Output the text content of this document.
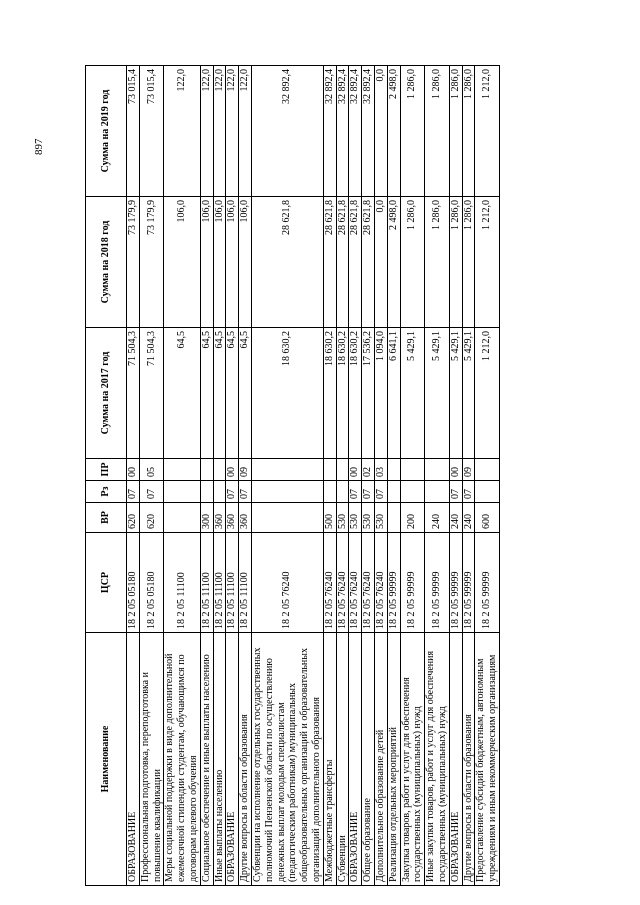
897
Наименование	ЦСР	ВР	Рз	ПР	Сумма на 2017 год	Сумма на 2018 год	Сумма на 2019 год
ОБРАЗОВАНИЕ	18 2 05 05180	620	07	00	71 504,3	73 179,9	73 015,4
Профессиональная подготовка, переподготовка и повышение квалификации	18 2 05 05180	620	07	05	71 504,3	73 179,9	73 015,4
Меры социальной поддержки в виде дополнительной ежемесячной стипендии студентам, обучающимся по договорам целевого обучения	18 2 05 11100				64,5	106,0	122,0
Социальное обеспечение и иные выплаты населению	18 2 05 11100	300			64,5	106,0	122,0
Иные выплаты населению	18 2 05 11100	360			64,5	106,0	122,0
ОБРАЗОВАНИЕ	18 2 05 11100	360	07	00	64,5	106,0	122,0
Другие вопросы в области образования	18 2 05 11100	360	07	09	64,5	106,0	122,0
Субвенции на исполнение отдельных государственных полномочий Пензенской области по осуществлению денежных выплат молодым специалистам (педагогическим работникам) муниципальных общеобразовательных организаций и образовательных организаций дополнительного образования	18 2 05 76240				18 630,2	28 621,8	32 892,4
Межбюджетные трансферты	18 2 05 76240	500			18 630,2	28 621,8	32 892,4
Субвенции	18 2 05 76240	530			18 630,2	28 621,8	32 892,4
ОБРАЗОВАНИЕ	18 2 05 76240	530	07	00	18 630,2	28 621,8	32 892,4
Общее образование	18 2 05 76240	530	07	02	17 536,2	28 621,8	32 892,4
Дополнительное образование детей	18 2 05 76240	530	07	03	1 094,0	0,0	0,0
Реализация отдельных мероприятий	18 2 05 99999				6 641,1	2 498,0	2 498,0
Закупка товаров, работ и услуг для обеспечения государственных (муниципальных) нужд	18 2 05 99999	200			5 429,1	1 286,0	1 286,0
Иные закупки товаров, работ и услуг для обеспечения государственных (муниципальных) нужд	18 2 05 99999	240			5 429,1	1 286,0	1 286,0
ОБРАЗОВАНИЕ	18 2 05 99999	240	07	00	5 429,1	1 286,0	1 286,0
Другие вопросы в области образования	18 2 05 99999	240	07	09	5 429,1	1 286,0	1 286,0
Предоставление субсидий бюджетным, автономным учреждениям и иным некоммерческим организациям	18 2 05 99999	600			1 212,0	1 212,0	1 212,0
